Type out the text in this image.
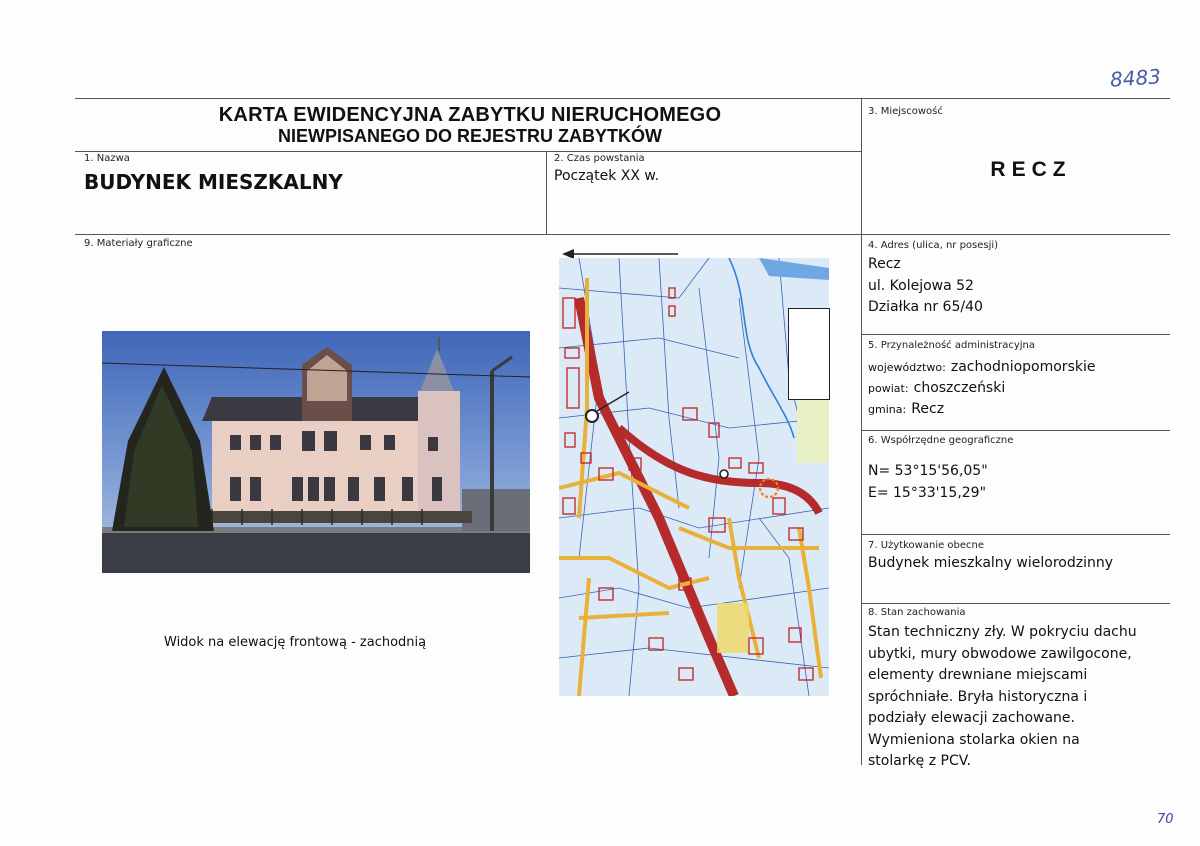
8483
70
KARTA EWIDENCYJNA ZABYTKU NIERUCHOMEGO
NIEWPISANEGO DO REJESTRU ZABYTKÓW
1. Nazwa
BUDYNEK MIESZKALNY
2. Czas powstania
Początek XX w.
3. Miejscowość
RECZ
4. Adres (ulica, nr posesji)
Recz
ul. Kolejowa 52
Działka nr 65/40
5. Przynależność administracyjna
województwo: zachodniopomorskie
powiat: choszczeński
gmina: Recz
6. Współrzędne geograficzne
N= 53°15'56,05"
E= 15°33'15,29"
7. Użytkowanie obecne
Budynek mieszkalny wielorodzinny
8. Stan zachowania
Stan techniczny zły. W pokryciu dachu
ubytki, mury obwodowe zawilgocone,
elementy drewniane miejscami
spróchniałe. Bryła historyczna i
podziały elewacji zachowane.
Wymieniona stolarka okien na
stolarkę z PCV.
9. Materiały graficzne
Widok na elewację frontową - zachodnią
